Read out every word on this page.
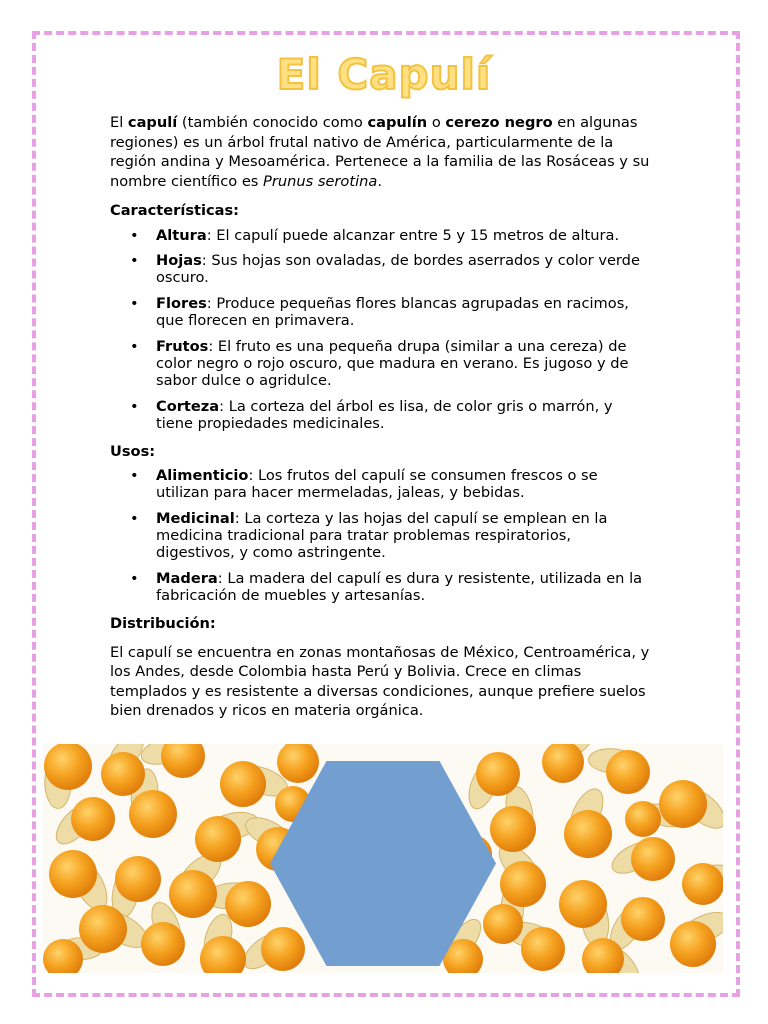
El Capulí

El capulí (también conocido como capulín o cerezo negro en algunas regiones) es un árbol frutal nativo de América, particularmente de la región andina y Mesoamérica. Pertenece a la familia de las Rosáceas y su nombre científico es Prunus serotina.

Características:

• Altura: El capulí puede alcanzar entre 5 y 15 metros de altura.
• Hojas: Sus hojas son ovaladas, de bordes aserrados y color verde oscuro.
• Flores: Produce pequeñas flores blancas agrupadas en racimos, que florecen en primavera.
• Frutos: El fruto es una pequeña drupa (similar a una cereza) de color negro o rojo oscuro, que madura en verano. Es jugoso y de sabor dulce o agridulce.
• Corteza: La corteza del árbol es lisa, de color gris o marrón, y tiene propiedades medicinales.

Usos:

• Alimenticio: Los frutos del capulí se consumen frescos o se utilizan para hacer mermeladas, jaleas, y bebidas.
• Medicinal: La corteza y las hojas del capulí se emplean en la medicina tradicional para tratar problemas respiratorios, digestivos, y como astringente.
• Madera: La madera del capulí es dura y resistente, utilizada en la fabricación de muebles y artesanías.

Distribución:

El capulí se encuentra en zonas montañosas de México, Centroamérica, y los Andes, desde Colombia hasta Perú y Bolivia. Crece en climas templados y es resistente a diversas condiciones, aunque prefiere suelos bien drenados y ricos en materia orgánica.
